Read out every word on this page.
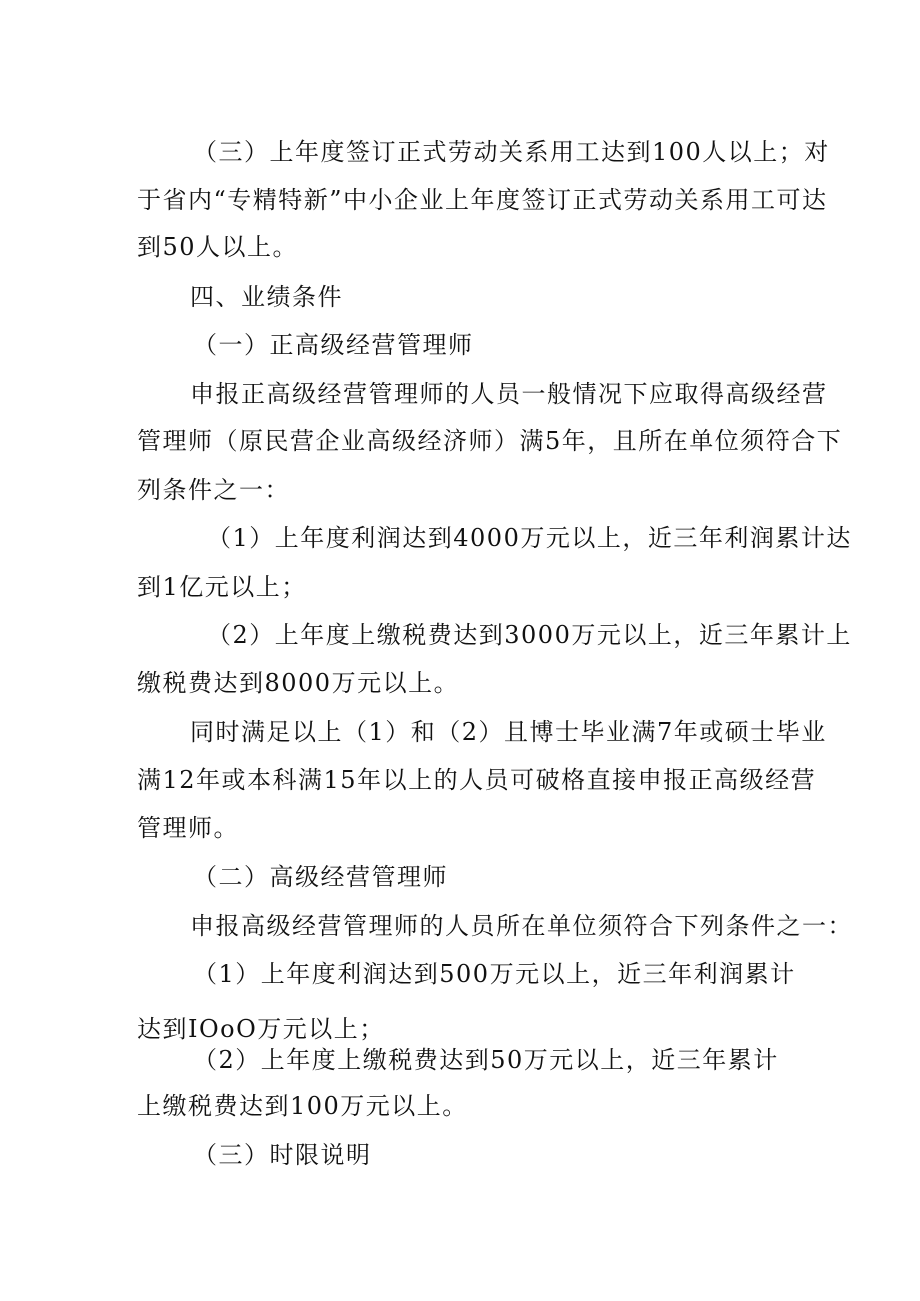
（三）上年度签订正式劳动关系用工达到100人以上；对
于省内“专精特新”中小企业上年度签订正式劳动关系用工可达
到50人以上。
四、业绩条件
（一）正高级经营管理师
申报正高级经营管理师的人员一般情况下应取得高级经营
管理师（原民营企业高级经济师）满5年，且所在单位须符合下
列条件之一：
（1）上年度利润达到4000万元以上，近三年利润累计达
到1亿元以上；
（2）上年度上缴税费达到3000万元以上，近三年累计上
缴税费达到8000万元以上。
同时满足以上（1）和（2）且博士毕业满7年或硕士毕业
满12年或本科满15年以上的人员可破格直接申报正高级经营
管理师。
（二）高级经营管理师
申报高级经营管理师的人员所在单位须符合下列条件之一：
（1）上年度利润达到500万元以上，近三年利润累计
达到IOoO万元以上；
（2）上年度上缴税费达到50万元以上，近三年累计
上缴税费达到100万元以上。
（三）时限说明
